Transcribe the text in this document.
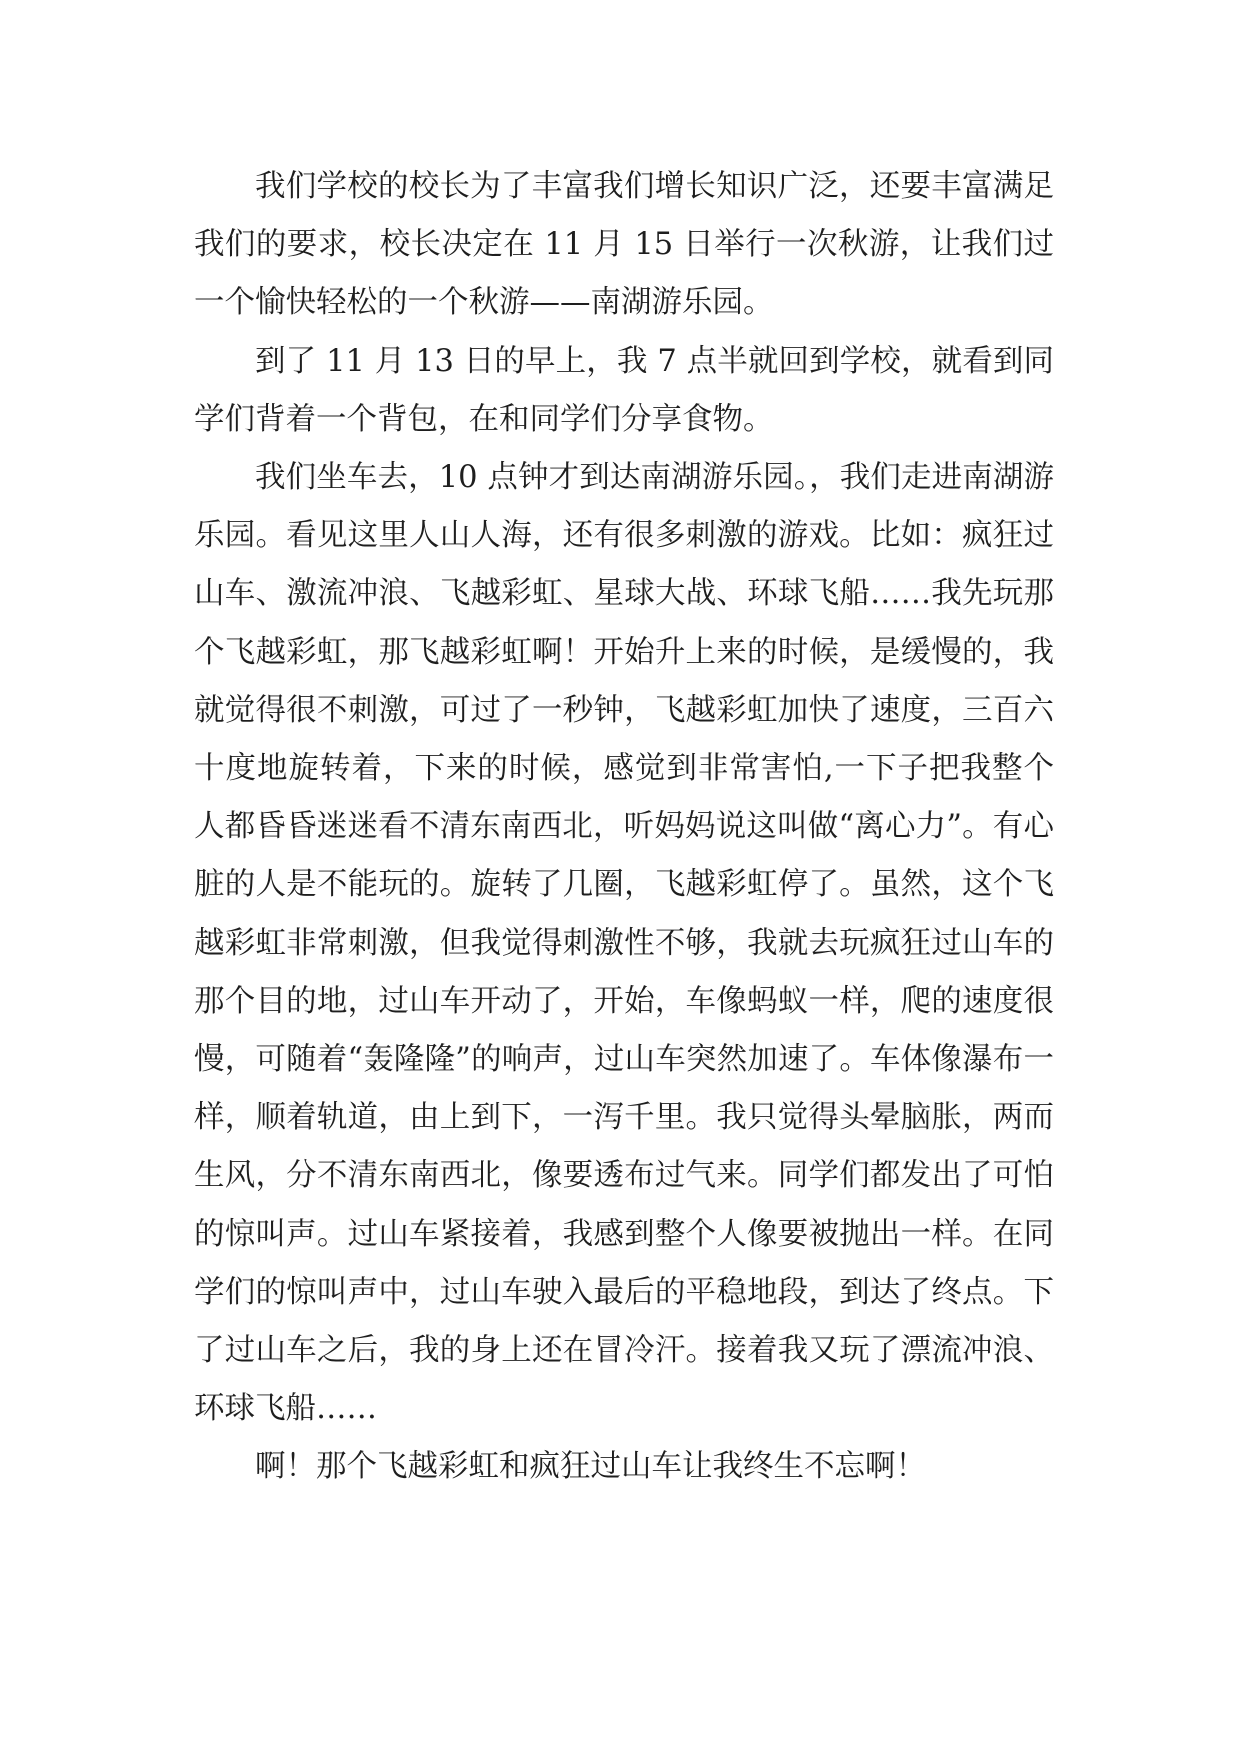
我们学校的校长为了丰富我们增长知识广泛，还要丰富满足我们的要求，校长决定在 11 月 15 日举行一次秋游，让我们过一个愉快轻松的一个秋游——南湖游乐园。

到了 11 月 13 日的早上，我 7 点半就回到学校，就看到同学们背着一个背包，在和同学们分享食物。

我们坐车去，10 点钟才到达南湖游乐园。，我们走进南湖游乐园。看见这里人山人海，还有很多刺激的游戏。比如：疯狂过山车、激流冲浪、飞越彩虹、星球大战、环球飞船……我先玩那个飞越彩虹，那飞越彩虹啊！开始升上来的时候，是缓慢的，我就觉得很不刺激，可过了一秒钟，飞越彩虹加快了速度，三百六十度地旋转着，下来的时候，感觉到非常害怕,一下子把我整个人都昏昏迷迷看不清东南西北，听妈妈说这叫做“离心力”。有心脏的人是不能玩的。旋转了几圈，飞越彩虹停了。虽然，这个飞越彩虹非常刺激，但我觉得刺激性不够，我就去玩疯狂过山车的那个目的地，过山车开动了，开始，车像蚂蚁一样，爬的速度很慢，可随着“轰隆隆”的响声，过山车突然加速了。车体像瀑布一样，顺着轨道，由上到下，一泻千里。我只觉得头晕脑胀，两而生风，分不清东南西北，像要透布过气来。同学们都发出了可怕的惊叫声。过山车紧接着，我感到整个人像要被抛出一样。在同学们的惊叫声中，过山车驶入最后的平稳地段，到达了终点。下了过山车之后，我的身上还在冒冷汗。接着我又玩了漂流冲浪、环球飞船……

啊！那个飞越彩虹和疯狂过山车让我终生不忘啊！
